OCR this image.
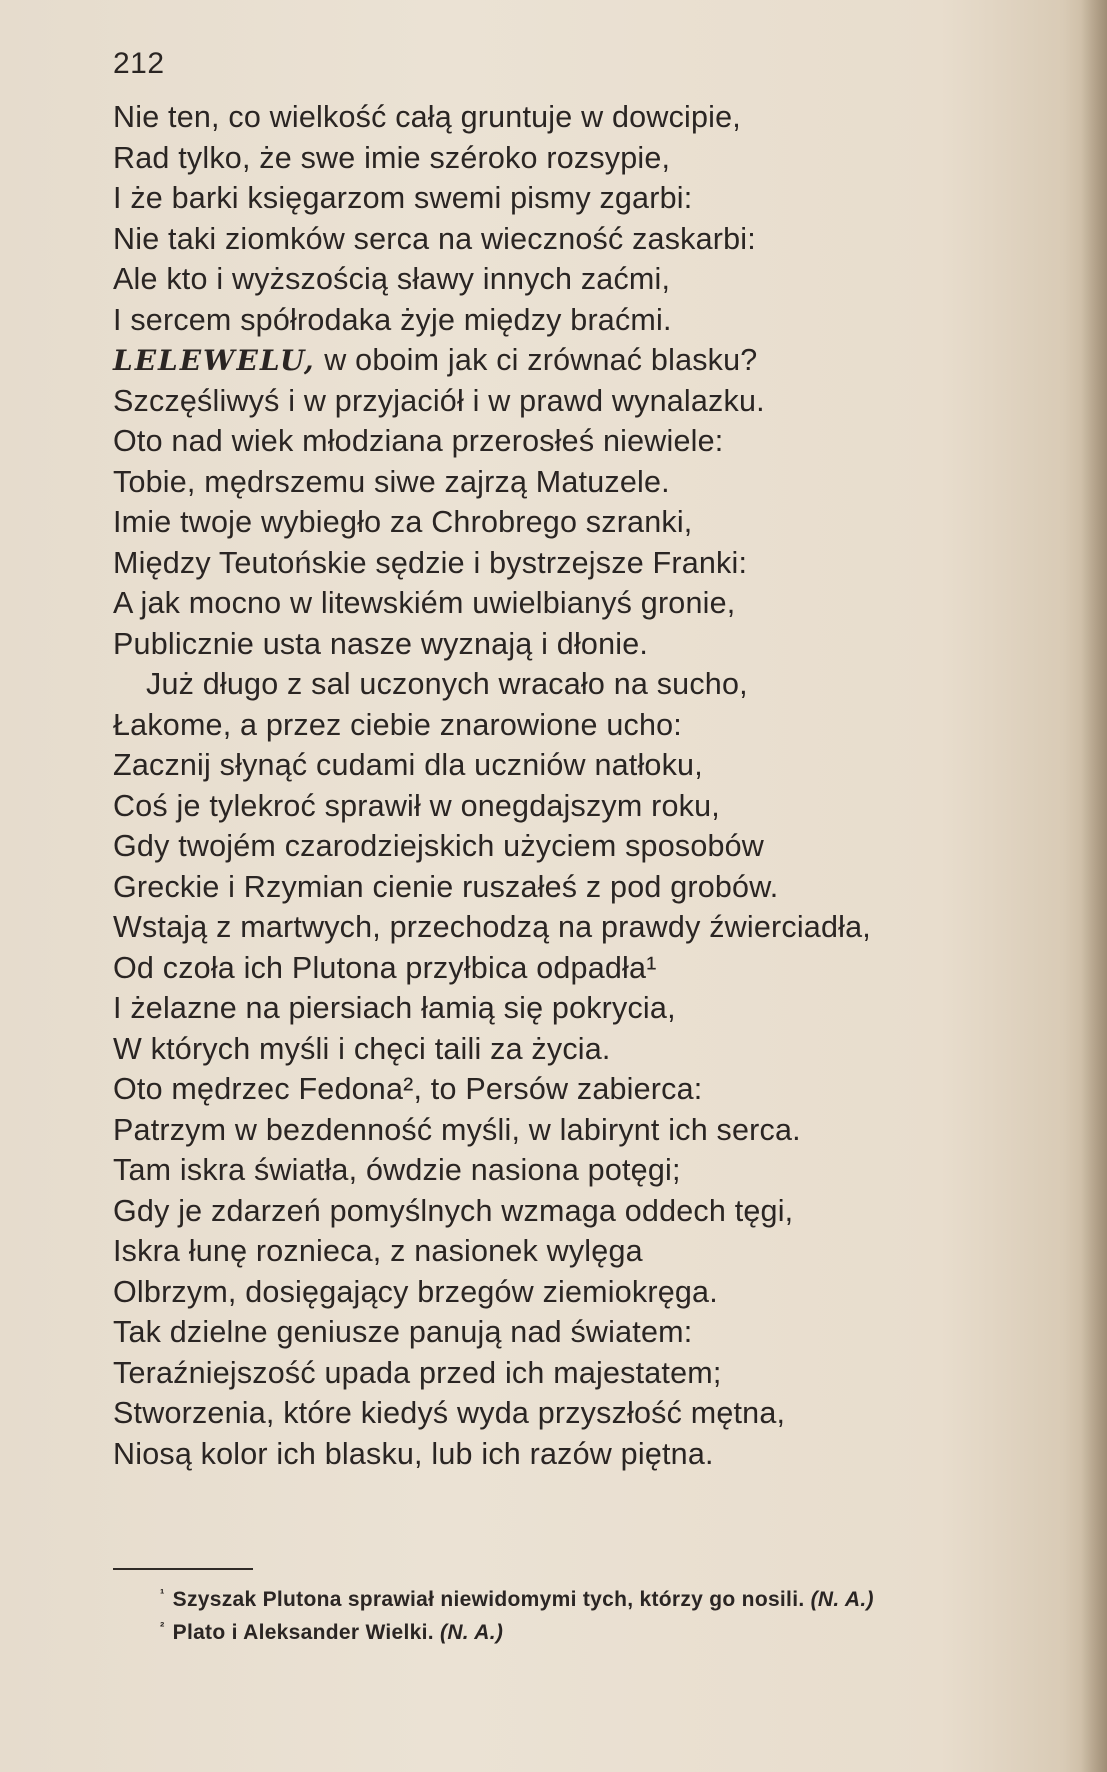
212
Nie ten, co wielkość całą gruntuje w dowcipie,
Rad tylko, że swe imie széroko rozsypie,
I że barki księgarzom swemi pismy zgarbi:
Nie taki ziomków serca na wieczność zaskarbi:
Ale kto i wyższością sławy innych zaćmi,
I sercem spółrodaka żyje między braćmi.
LELEWELU, w oboim jak ci zrównać blasku?
Szczęśliwyś i w przyjaciół i w prawd wynalazku.
Oto nad wiek młodziana przerosłeś niewiele:
Tobie, mędrszemu siwe zajrzą Matuzele.
Imie twoje wybiegło za Chrobrego szranki,
Między Teutońskie sędzie i bystrzejsze Franki:
A jak mocno w litewskiém uwielbianyś gronie,
Publicznie usta nasze wyznają i dłonie.
Już długo z sal uczonych wracało na sucho,
Łakome, a przez ciebie znarowione ucho:
Zacznij słynąć cudami dla uczniów natłoku,
Coś je tylekroć sprawił w onegdajszym roku,
Gdy twojém czarodziejskich użyciem sposobów
Greckie i Rzymian cienie ruszałeś z pod grobów.
Wstają z martwych, przechodzą na prawdy źwierciadła,
Od czoła ich Plutona przyłbica odpadła¹
I żelazne na piersiach łamią się pokrycia,
W których myśli i chęci taili za życia.
Oto mędrzec Fedona², to Persów zabierca:
Patrzym w bezdenność myśli, w labirynt ich serca.
Tam iskra światła, ówdzie nasiona potęgi;
Gdy je zdarzeń pomyślnych wzmaga oddech tęgi,
Iskra łunę roznieca, z nasionek wylęga
Olbrzym, dosięgający brzegów ziemiokręga.
Tak dzielne geniusze panują nad światem:
Teraźniejszość upada przed ich majestatem;
Stworzenia, które kiedyś wyda przyszłość mętna,
Niosą kolor ich blasku, lub ich razów piętna.
$^{^1}$ Szyszak Plutona sprawiał niewidomymi tych, którzy go nosili. (N. A.)
$^{^2}$ Plato i Aleksander Wielki. (N. A.)
